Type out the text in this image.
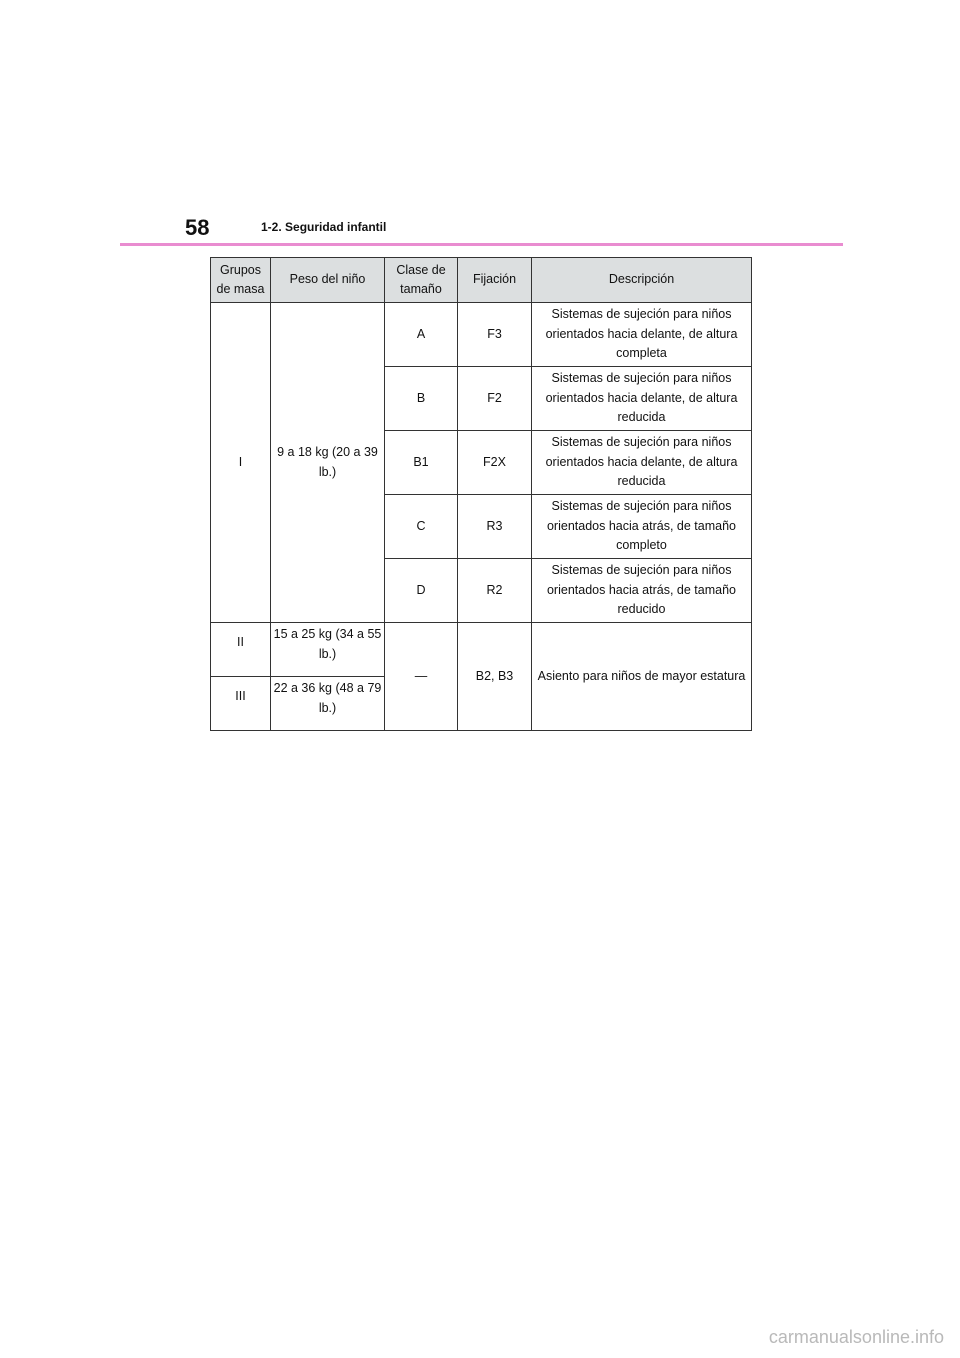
58	1-2. Seguridad infantil
Grupos de masa	Peso del niño	Clase de tamaño	Fijación	Descripción
I	9 a 18 kg (20 a 39 lb.)	A	F3	Sistemas de sujeción para niños orientados hacia delante, de altura completa
		B	F2	Sistemas de sujeción para niños orientados hacia delante, de altura reducida
		B1	F2X	Sistemas de sujeción para niños orientados hacia delante, de altura reducida
		C	R3	Sistemas de sujeción para niños orientados hacia atrás, de tamaño completo
		D	R2	Sistemas de sujeción para niños orientados hacia atrás, de tamaño reducido
II	15 a 25 kg (34 a 55 lb.)	—	B2, B3	Asiento para niños de mayor estatura
III	22 a 36 kg (48 a 79 lb.)			
carmanualsonline.info
